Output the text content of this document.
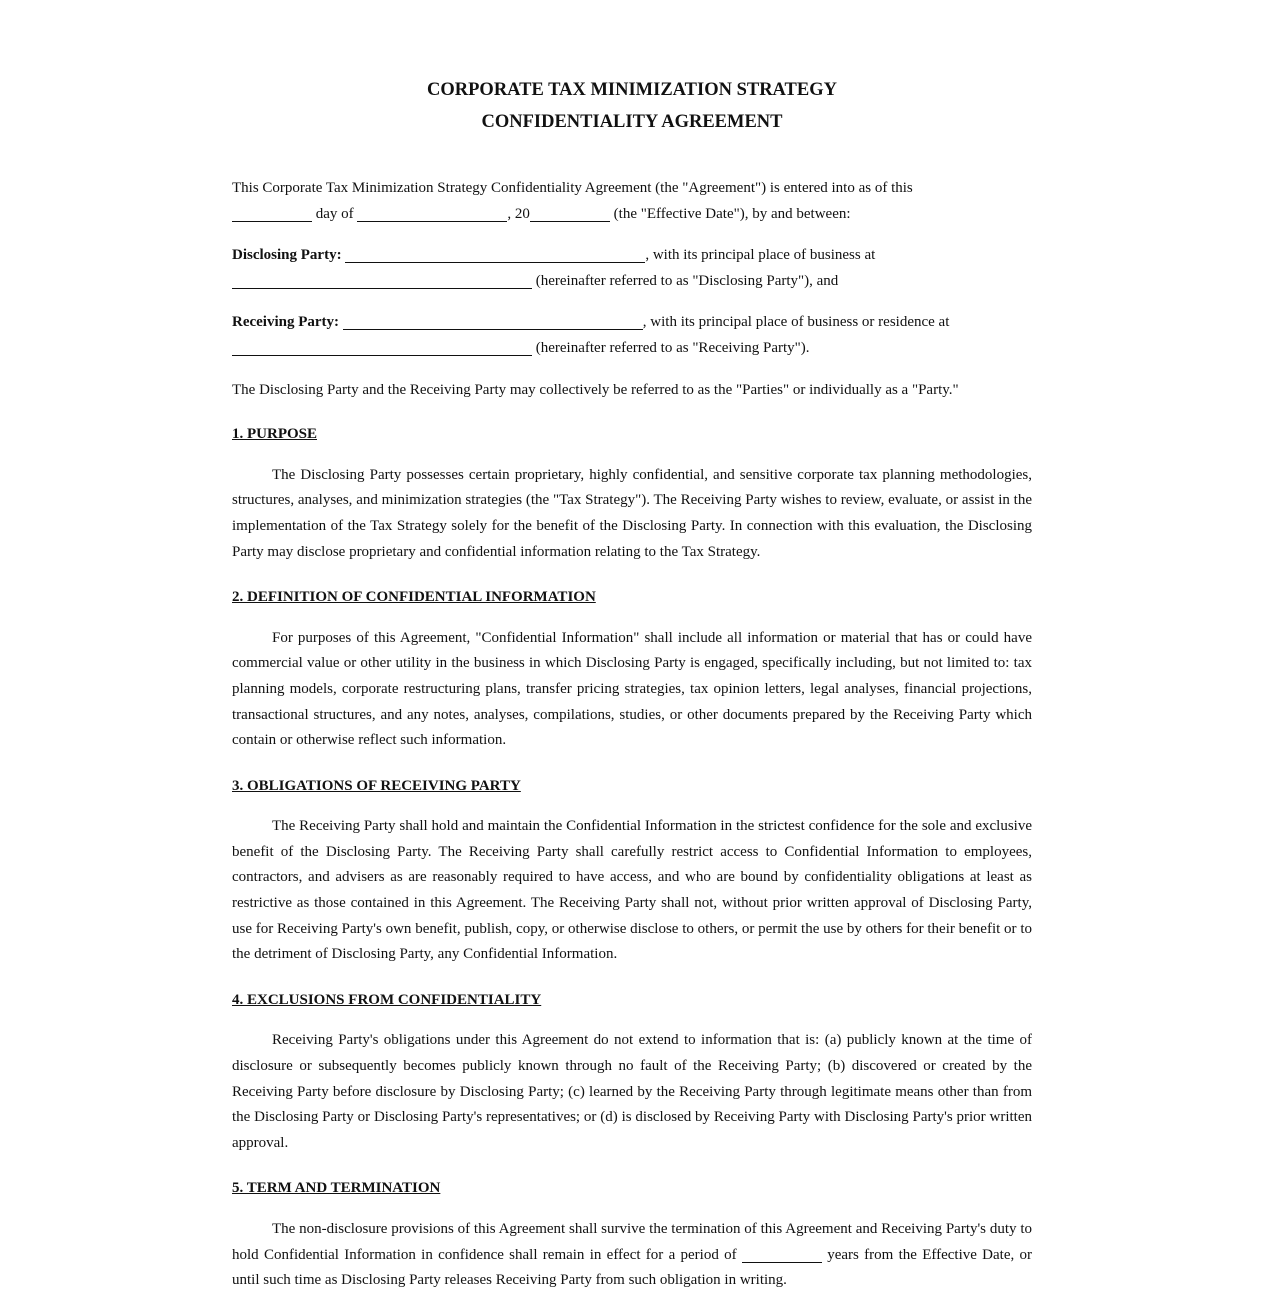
CORPORATE TAX MINIMIZATION STRATEGY
CONFIDENTIALITY AGREEMENT

This Corporate Tax Minimization Strategy Confidentiality Agreement (the "Agreement") is entered into as of this
day of	, 20	(the "Effective Date"), by and between:

Disclosing Party:	, with its principal place of business at
(hereinafter referred to as "Disclosing Party"), and

Receiving Party:	, with its principal place of business or residence at
(hereinafter referred to as "Receiving Party").

The Disclosing Party and the Receiving Party may collectively be referred to as the "Parties" or individually as a "Party."

1. PURPOSE

The Disclosing Party possesses certain proprietary, highly confidential, and sensitive corporate tax planning methodologies, structures, analyses, and minimization strategies (the "Tax Strategy"). The Receiving Party wishes to review, evaluate, or assist in the implementation of the Tax Strategy solely for the benefit of the Disclosing Party. In connection with this evaluation, the Disclosing Party may disclose proprietary and confidential information relating to the Tax Strategy.

2. DEFINITION OF CONFIDENTIAL INFORMATION

For purposes of this Agreement, "Confidential Information" shall include all information or material that has or could have commercial value or other utility in the business in which Disclosing Party is engaged, specifically including, but not limited to: tax planning models, corporate restructuring plans, transfer pricing strategies, tax opinion letters, legal analyses, financial projections, transactional structures, and any notes, analyses, compilations, studies, or other documents prepared by the Receiving Party which contain or otherwise reflect such information.

3. OBLIGATIONS OF RECEIVING PARTY

The Receiving Party shall hold and maintain the Confidential Information in the strictest confidence for the sole and exclusive benefit of the Disclosing Party. The Receiving Party shall carefully restrict access to Confidential Information to employees, contractors, and advisers as are reasonably required to have access, and who are bound by confidentiality obligations at least as restrictive as those contained in this Agreement. The Receiving Party shall not, without prior written approval of Disclosing Party, use for Receiving Party's own benefit, publish, copy, or otherwise disclose to others, or permit the use by others for their benefit or to the detriment of Disclosing Party, any Confidential Information.

4. EXCLUSIONS FROM CONFIDENTIALITY

Receiving Party's obligations under this Agreement do not extend to information that is: (a) publicly known at the time of disclosure or subsequently becomes publicly known through no fault of the Receiving Party; (b) discovered or created by the Receiving Party before disclosure by Disclosing Party; (c) learned by the Receiving Party through legitimate means other than from the Disclosing Party or Disclosing Party's representatives; or (d) is disclosed by Receiving Party with Disclosing Party's prior written approval.

5. TERM AND TERMINATION

The non-disclosure provisions of this Agreement shall survive the termination of this Agreement and Receiving Party's duty to hold Confidential Information in confidence shall remain in effect for a period of	years from the Effective Date, or until such time as Disclosing Party releases Receiving Party from such obligation in writing.
